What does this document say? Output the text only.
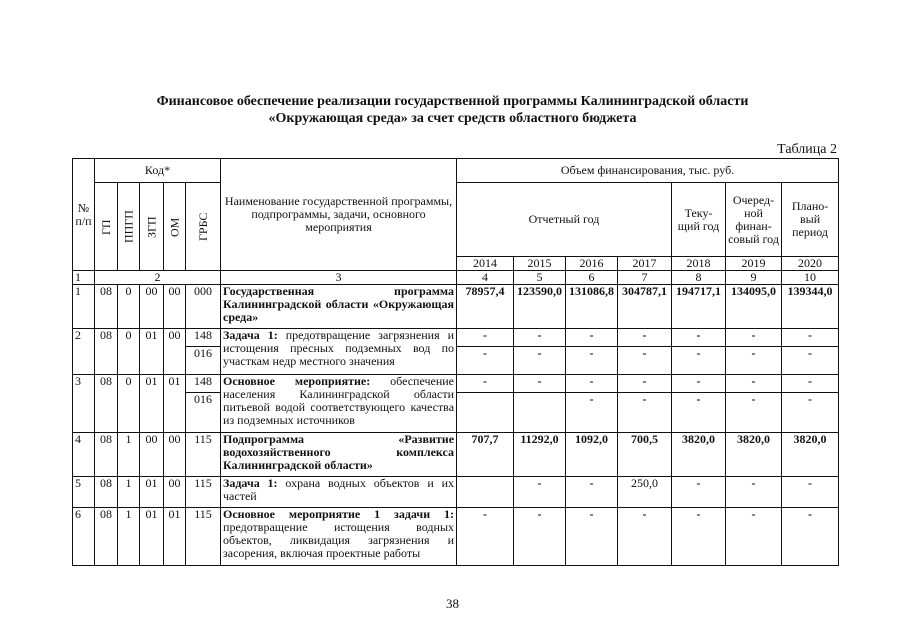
Финансовое обеспечение реализации государственной программы Калининградской области
«Окружающая среда» за счет средств областного бюджета
Таблица 2
№ п/п	Код*					Наименование государственной программы, подпрограммы, задачи, основного мероприятия	Объем финансирования, тыс. руб.						
	ГП	ППГП	ЗГП	ОМ	ГРБС		Отчетный год				Теку- щий год	Очеред- ной финан- совый год	Плано- вый период
							2014	2015	2016	2017	2018	2019	2020
1	2					3	4	5	6	7	8	9	10
1	08	0	00	00	000	Государственная программа Калининградской области «Окружающая среда»	78957,4	123590,0	131086,8	304787,1	194717,1	134095,0	139344,0
2	08	0	01	00	148	Задача 1: предотвращение загрязнения и истощения пресных подземных вод по участкам недр местного значения	-	-	-	-	-	-	-
					016		-	-	-	-	-	-	-
3	08	0	01	01	148	Основное мероприятие: обеспечение населения Калининградской области питьевой водой соответствующего качества из подземных источников	-	-	-	-	-	-	-
					016				-	-	-	-	-
4	08	1	00	00	115	Подпрограмма «Развитие водохозяйственного комплекса Калининградской области»	707,7	11292,0	1092,0	700,5	3820,0	3820,0	3820,0
5	08	1	01	00	115	Задача 1: охрана водных объектов и их частей		-	-	250,0	-	-	-
6	08	1	01	01	115	Основное мероприятие 1 задачи 1: предотвращение истощения водных объектов, ликвидация загрязнения и засорения, включая проектные работы	-	-	-	-	-	-	-
38
